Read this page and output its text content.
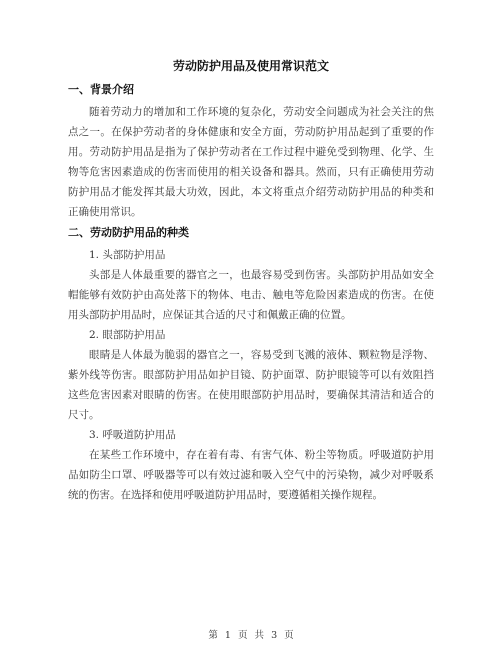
劳动防护用品及使用常识范文
一、背景介绍

随着劳动力的增加和工作环境的复杂化，劳动安全问题成为社会关注的焦点之一。在保护劳动者的身体健康和安全方面，劳动防护用品起到了重要的作用。劳动防护用品是指为了保护劳动者在工作过程中避免受到物理、化学、生物等危害因素造成的伤害而使用的相关设备和器具。然而，只有正确使用劳动防护用品才能发挥其最大功效，因此，本文将重点介绍劳动防护用品的种类和正确使用常识。

二、劳动防护用品的种类
1. 头部防护用品

头部是人体最重要的器官之一，也最容易受到伤害。头部防护用品如安全帽能够有效防护由高处落下的物体、电击、触电等危险因素造成的伤害。在使用头部防护用品时，应保证其合适的尺寸和佩戴正确的位置。

2. 眼部防护用品

眼睛是人体最为脆弱的器官之一，容易受到飞溅的液体、颗粒物是浮物、紫外线等伤害。眼部防护用品如护目镜、防护面罩、防护眼镜等可以有效阻挡这些危害因素对眼睛的伤害。在使用眼部防护用品时，要确保其清洁和适合的尺寸。

3. 呼吸道防护用品

在某些工作环境中，存在着有毒、有害气体、粉尘等物质。呼吸道防护用品如防尘口罩、呼吸器等可以有效过滤和吸入空气中的污染物，减少对呼吸系统的伤害。在选择和使用呼吸道防护用品时，要遵循相关操作规程。

第 1 页 共 3 页
